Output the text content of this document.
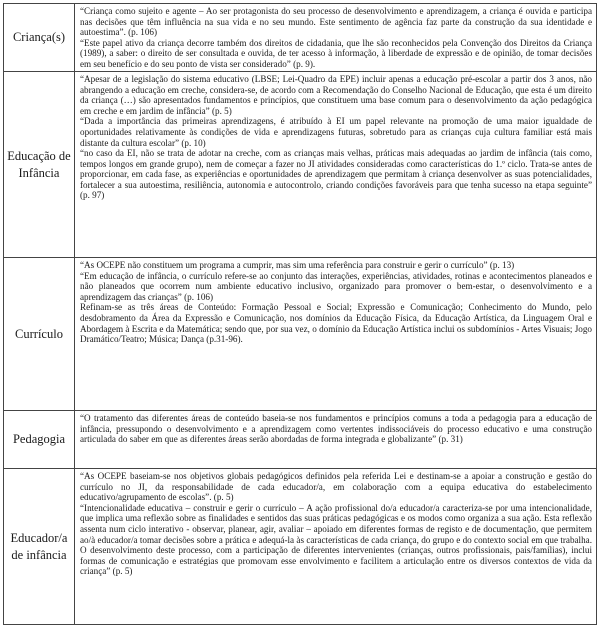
Criança(s)	“Criança como sujeito e agente – Ao ser protagonista do seu processo de desenvolvimento e aprendizagem, a criança é ouvida e participa nas decisões que têm influência na sua vida e no seu mundo. Este sentimento de agência faz parte da construção da sua identidade e autoestima”. (p. 106)

“Este papel ativo da criança decorre também dos direitos de cidadania, que lhe são reconhecidos pela Convenção dos Direitos da Criança (1989), a saber: o direito de ser consultada e ouvida, de ter acesso à informação, à liberdade de expressão e de opinião, de tomar decisões em seu benefício e do seu ponto de vista ser considerado” (p. 9).

Educação de Infância	“Apesar de a legislação do sistema educativo (LBSE; Lei-Quadro da EPE) incluir apenas a educação pré-escolar a partir dos 3 anos, não abrangendo a educação em creche, considera-se, de acordo com a Recomendação do Conselho Nacional de Educação, que esta é um direito da criança (…) são apresentados fundamentos e princípios, que constituem uma base comum para o desenvolvimento da ação pedagógica em creche e em jardim de infância” (p. 5)

“Dada a importância das primeiras aprendizagens, é atribuído à EI um papel relevante na promoção de uma maior igualdade de oportunidades relativamente às condições de vida e aprendizagens futuras, sobretudo para as crianças cuja cultura familiar está mais distante da cultura escolar” (p. 10)

“no caso da EI, não se trata de adotar na creche, com as crianças mais velhas, práticas mais adequadas ao jardim de infância (tais como, tempos longos em grande grupo), nem de começar a fazer no JI atividades consideradas como características do 1.º ciclo. Trata-se antes de proporcionar, em cada fase, as experiências e oportunidades de aprendizagem que permitam à criança desenvolver as suas potencialidades, fortalecer a sua autoestima, resiliência, autonomia e autocontrolo, criando condições favoráveis para que tenha sucesso na etapa seguinte” (p. 97)

Currículo	“As OCEPE não constituem um programa a cumprir, mas sim uma referência para construir e gerir o currículo” (p. 13)

“Em educação de infância, o currículo refere-se ao conjunto das interações, experiências, atividades, rotinas e acontecimentos planeados e não planeados que ocorrem num ambiente educativo inclusivo, organizado para promover o bem-estar, o desenvolvimento e a aprendizagem das crianças” (p. 106)

Refinam-se as três áreas de Conteúdo: Formação Pessoal e Social; Expressão e Comunicação; Conhecimento do Mundo, pelo desdobramento da Área da Expressão e Comunicação, nos domínios da Educação Física, da Educação Artística, da Linguagem Oral e Abordagem à Escrita e da Matemática; sendo que, por sua vez, o domínio da Educação Artística inclui os subdomínios - Artes Visuais; Jogo Dramático/Teatro; Música; Dança (p.31-96).

Pedagogia	“O tratamento das diferentes áreas de conteúdo baseia-se nos fundamentos e princípios comuns a toda a pedagogia para a educação de infância, pressupondo o desenvolvimento e a aprendizagem como vertentes indissociáveis do processo educativo e uma construção articulada do saber em que as diferentes áreas serão abordadas de forma integrada e globalizante” (p. 31)

Educador/a de infância	“As OCEPE baseiam-se nos objetivos globais pedagógicos definidos pela referida Lei e destinam-se a apoiar a construção e gestão do currículo no JI, da responsabilidade de cada educador/a, em colaboração com a equipa educativa do estabelecimento educativo/agrupamento de escolas”. (p. 5)

“Intencionalidade educativa – construir e gerir o currículo – A ação profissional do/a educador/a caracteriza-se por uma intencionalidade, que implica uma reflexão sobre as finalidades e sentidos das suas práticas pedagógicas e os modos como organiza a sua ação. Esta reflexão assenta num ciclo interativo - observar, planear, agir, avaliar – apoiado em diferentes formas de registo e de documentação, que permitem ao/à educador/a tomar decisões sobre a prática e adequá-la às características de cada criança, do grupo e do contexto social em que trabalha. O desenvolvimento deste processo, com a participação de diferentes intervenientes (crianças, outros profissionais, pais/famílias), inclui formas de comunicação e estratégias que promovam esse envolvimento e facilitem a articulação entre os diversos contextos de vida da criança” (p. 5)
